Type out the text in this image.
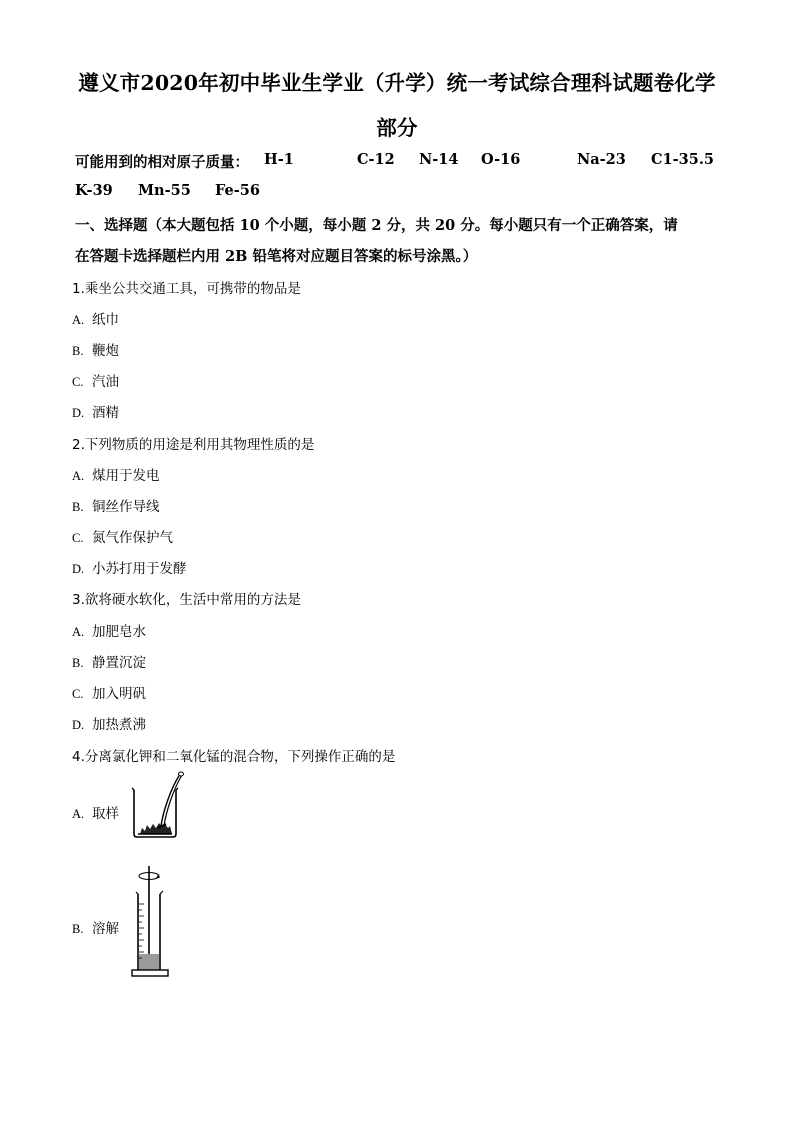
遵义市2020年初中毕业生学业（升学）统一考试综合理科试题卷化学
部分
可能用到的相对原子质量： H-1	C-12 N-14 O-16	Na-23 C1-35.5
K-39 Mn-55 Fe-56
一、选择题（本大题包括 10 个小题，每小题 2 分，共 20 分。每小题只有一个正确答案，请
在答题卡选择题栏内用 2B 铅笔将对应题目答案的标号涂黑。）
1.乘坐公共交通工具，可携带的物品是
A. 纸巾
B. 鞭炮
C. 汽油
D. 酒精
2.下列物质的用途是利用其物理性质的是
A. 煤用于发电
B. 铜丝作导线
C. 氮气作保护气
D. 小苏打用于发酵
3.欲将硬水软化，生活中常用的方法是
A. 加肥皂水
B. 静置沉淀
C. 加入明矾
D. 加热煮沸
4.分离氯化钾和二氧化锰的混合物，下列操作正确的是
A. 取样
B. 溶解
